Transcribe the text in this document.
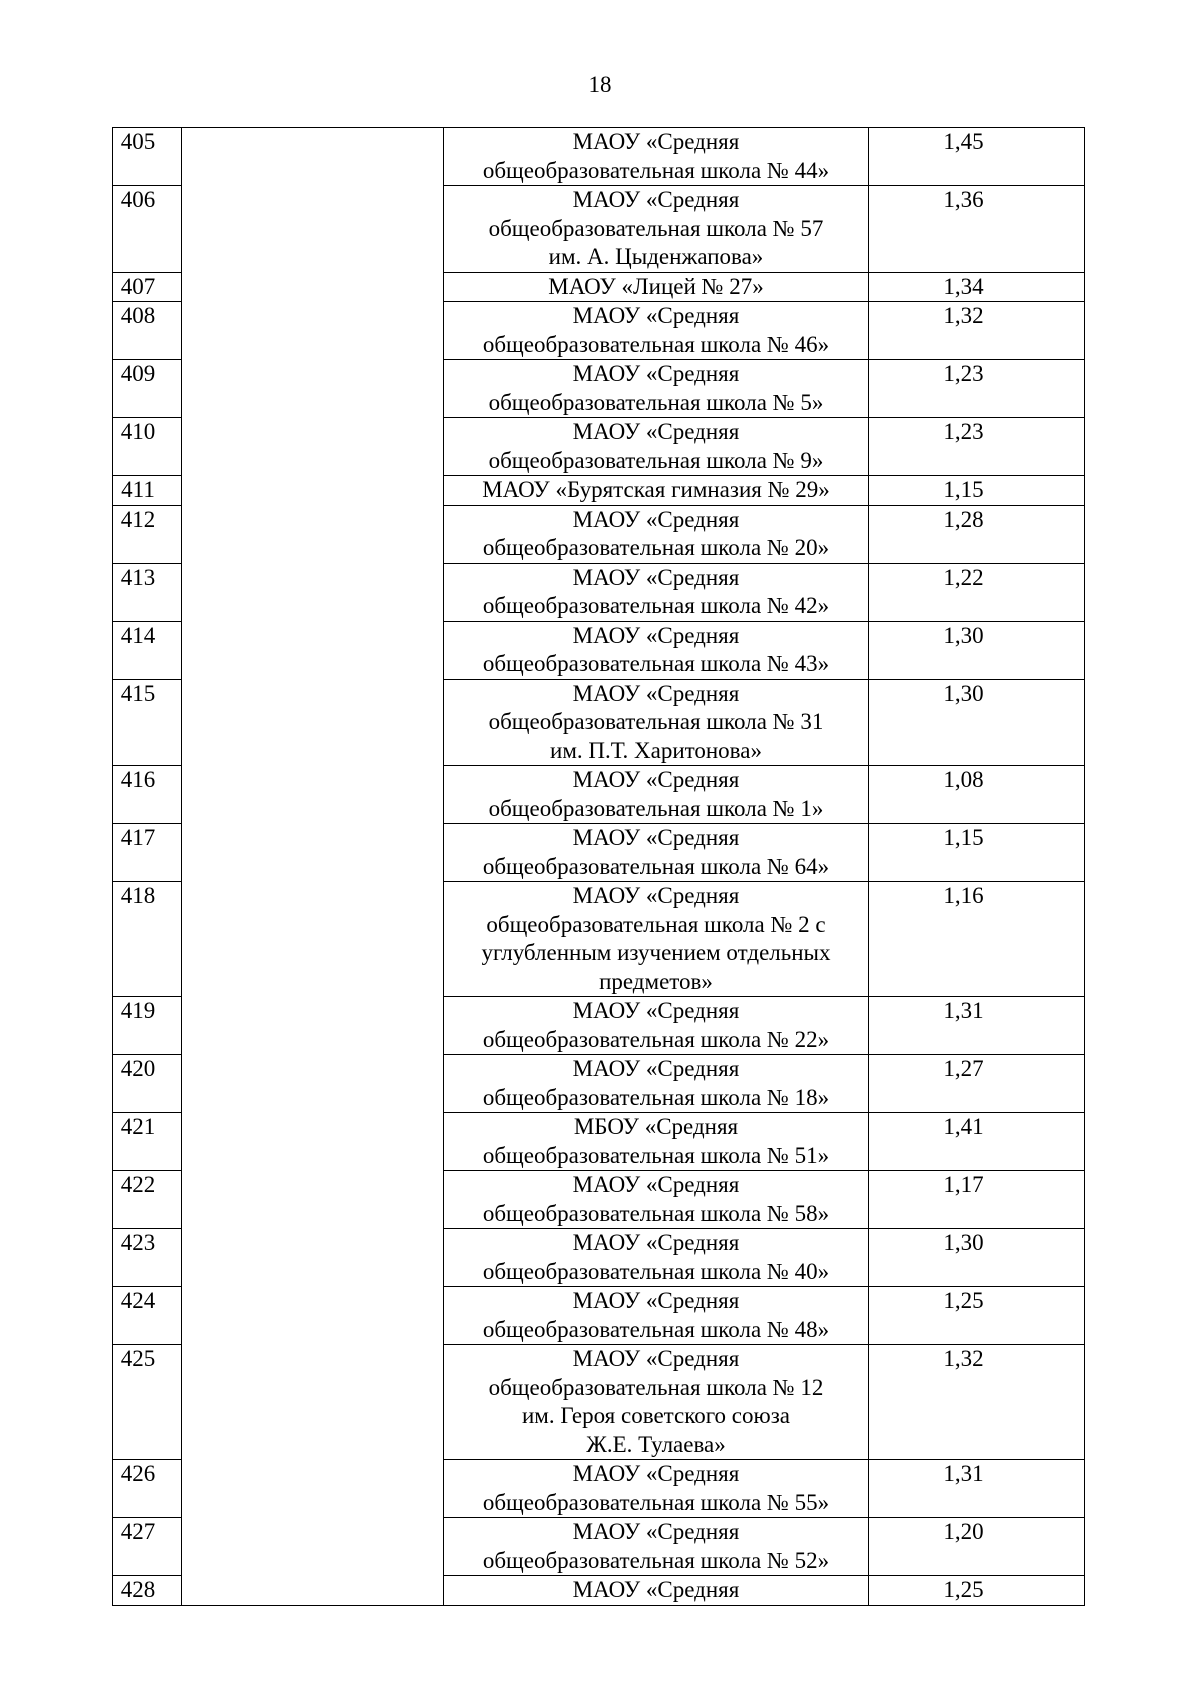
18
405		МАОУ «Средняя
общеобразовательная школа № 44»	1,45
406		МАОУ «Средняя
общеобразовательная школа № 57
им. А. Цыденжапова»	1,36
407		МАОУ «Лицей № 27»	1,34
408		МАОУ «Средняя
общеобразовательная школа № 46»	1,32
409		МАОУ «Средняя
общеобразовательная школа № 5»	1,23
410		МАОУ «Средняя
общеобразовательная школа № 9»	1,23
411		МАОУ «Бурятская гимназия № 29»	1,15
412		МАОУ «Средняя
общеобразовательная школа № 20»	1,28
413		МАОУ «Средняя
общеобразовательная школа № 42»	1,22
414		МАОУ «Средняя
общеобразовательная школа № 43»	1,30
415		МАОУ «Средняя
общеобразовательная школа № 31
им. П.Т. Харитонова»	1,30
416		МАОУ «Средняя
общеобразовательная школа № 1»	1,08
417		МАОУ «Средняя
общеобразовательная школа № 64»	1,15
418		МАОУ «Средняя
общеобразовательная школа № 2 с
углубленным изучением отдельных
предметов»	1,16
419		МАОУ «Средняя
общеобразовательная школа № 22»	1,31
420		МАОУ «Средняя
общеобразовательная школа № 18»	1,27
421		МБОУ «Средняя
общеобразовательная школа № 51»	1,41
422		МАОУ «Средняя
общеобразовательная школа № 58»	1,17
423		МАОУ «Средняя
общеобразовательная школа № 40»	1,30
424		МАОУ «Средняя
общеобразовательная школа № 48»	1,25
425		МАОУ «Средняя
общеобразовательная школа № 12
им. Героя советского союза
Ж.Е. Тулаева»	1,32
426		МАОУ «Средняя
общеобразовательная школа № 55»	1,31
427		МАОУ «Средняя
общеобразовательная школа № 52»	1,20
428		МАОУ «Средняя	1,25
